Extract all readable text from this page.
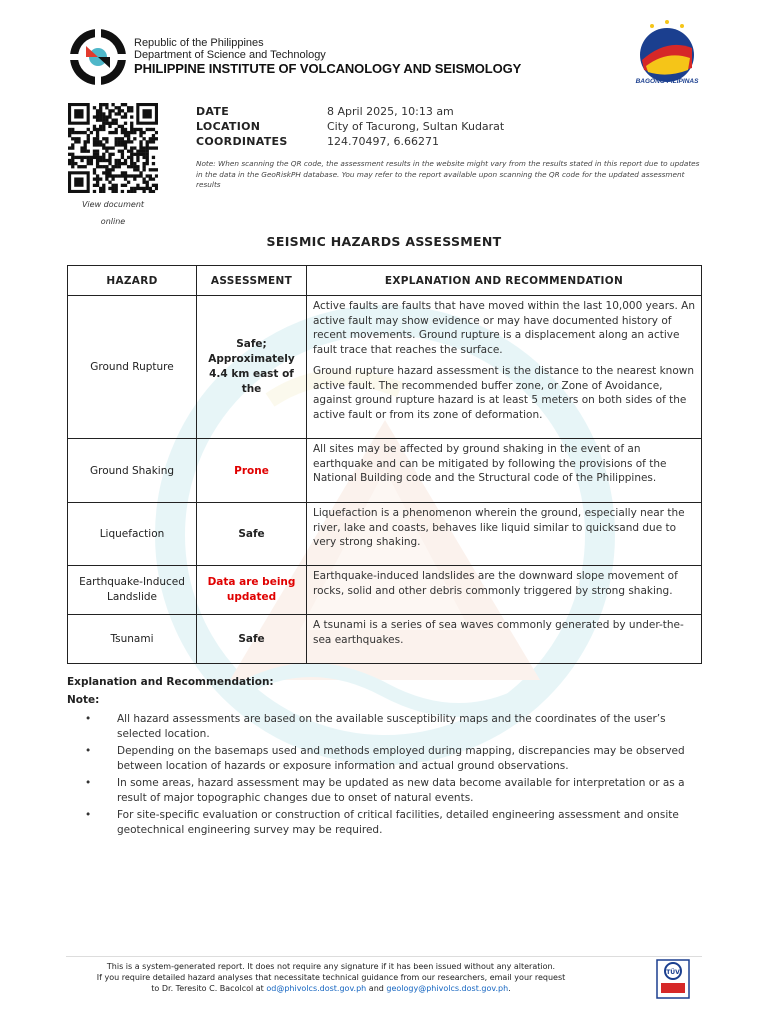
Republic of the Philippines
Department of Science and Technology
PHILIPPINE INSTITUTE OF VOLCANOLOGY AND SEISMOLOGY
BAGONG PILIPINAS
View document
online
DATE	8 April 2025, 10:13 am
LOCATION	City of Tacurong, Sultan Kudarat
COORDINATES	124.70497, 6.66271
Note: When scanning the QR code, the assessment results in the website might vary from the results stated in this report due to updates in the data in the GeoRiskPH database. You may refer to the report available upon scanning the QR code for the updated assessment results
SEISMIC HAZARDS ASSESSMENT
HAZARD	ASSESSMENT	EXPLANATION AND RECOMMENDATION
Ground Rupture	Safe; Approximately 4.4 km east of the	Active faults are faults that have moved within the last 10,000 years. An active fault may show evidence or may have documented history of recent movements. Ground rupture is a displacement along an active fault trace that reaches the surface.

Ground rupture hazard assessment is the distance to the nearest known active fault. The recommended buffer zone, or Zone of Avoidance, against ground rupture hazard is at least 5 meters on both sides of the active fault or from its zone of deformation.

Ground Shaking	Prone	All sites may be affected by ground shaking in the event of an earthquake and can be mitigated by following the provisions of the National Building code and the Structural code of the Philippines.

Liquefaction	Safe	Liquefaction is a phenomenon wherein the ground, especially near the river, lake and coasts, behaves like liquid similar to quicksand due to very strong shaking.

Earthquake-Induced Landslide	Data are being updated	Earthquake-induced landslides are the downward slope movement of rocks, solid and other debris commonly triggered by strong shaking.

Tsunami	Safe	A tsunami is a series of sea waves commonly generated by under-the-sea earthquakes.

Explanation and Recommendation:
Note:
• All hazard assessments are based on the available susceptibility maps and the coordinates of the user’s selected location.
• Depending on the basemaps used and methods employed during mapping, discrepancies may be observed between location of hazards or exposure information and actual ground observations.
• In some areas, hazard assessment may be updated as new data become available for interpretation or as a result of major topographic changes due to onset of natural events.
• For site-specific evaluation or construction of critical facilities, detailed engineering assessment and onsite geotechnical engineering survey may be required.
This is a system-generated report. It does not require any signature if it has been issued without any alteration.
If you require detailed hazard analyses that necessitate technical guidance from our researchers, email your request
to Dr. Teresito C. Bacolcol at od@phivolcs.dost.gov.ph and geology@phivolcs.dost.gov.ph.
TÜV
